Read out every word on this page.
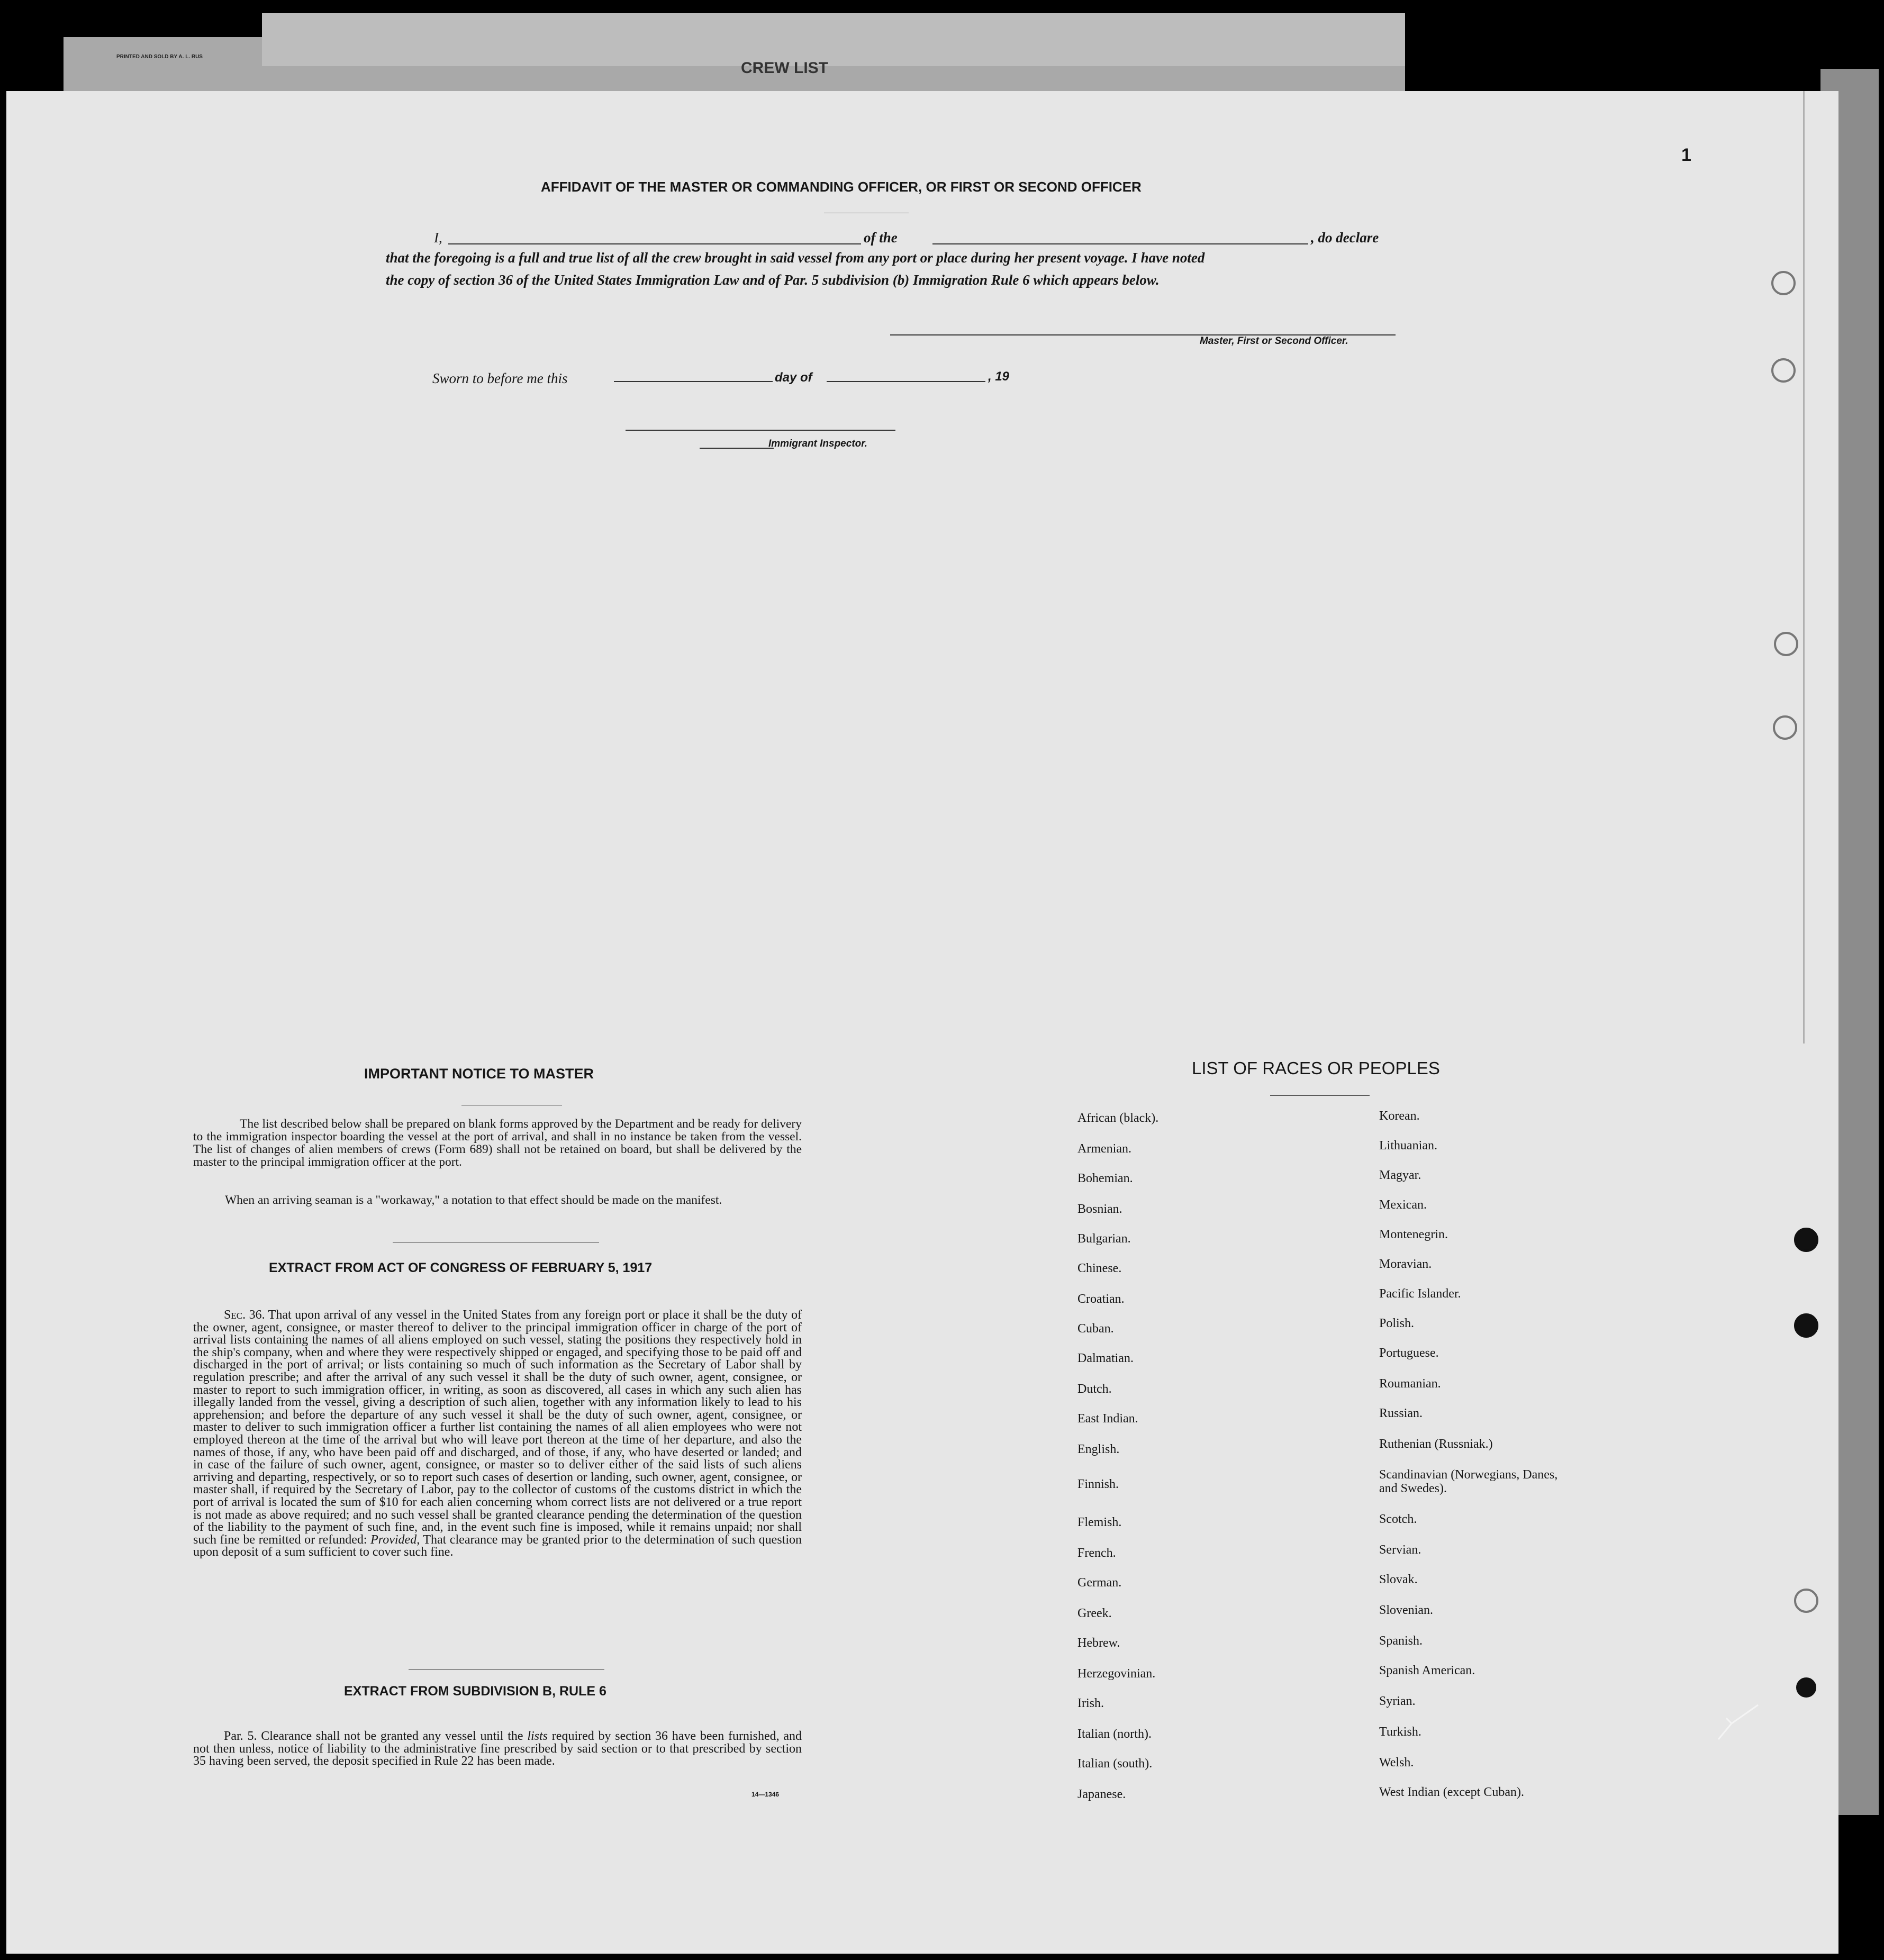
PRINTED AND SOLD BY A. L. RUS
CREW LIST
1
AFFIDAVIT OF THE MASTER OR COMMANDING OFFICER, OR FIRST OR SECOND OFFICER
I,	of the	, do declare
that the foregoing is a full and true list of all the crew brought in said vessel from any port or place during her present voyage. I have noted
the copy of section 36 of the United States Immigration Law and of Par. 5 subdivision (b) Immigration Rule 6 which appears below.
Master, First or Second Officer.
Sworn to before me this	day of	, 19
Immigrant Inspector.
IMPORTANT NOTICE TO MASTER
The list described below shall be prepared on blank forms approved by the Department and be ready for delivery to the immigration inspector boarding the vessel at the port of arrival, and shall in no instance be taken from the vessel. The list of changes of alien members of crews (Form 689) shall not be retained on board, but shall be delivered by the master to the principal immigration officer at the port.
When an arriving seaman is a "workaway," a notation to that effect should be made on the manifest.
EXTRACT FROM ACT OF CONGRESS OF FEBRUARY 5, 1917
Sec. 36. That upon arrival of any vessel in the United States from any foreign port or place it shall be the duty of the owner, agent, consignee, or master thereof to deliver to the principal immigration officer in charge of the port of arrival lists containing the names of all aliens employed on such vessel, stating the positions they respectively hold in the ship's company, when and where they were respectively shipped or engaged, and specifying those to be paid off and discharged in the port of arrival; or lists containing so much of such information as the Secretary of Labor shall by regulation prescribe; and after the arrival of any such vessel it shall be the duty of such owner, agent, consignee, or master to report to such immigration officer, in writing, as soon as discovered, all cases in which any such alien has illegally landed from the vessel, giving a description of such alien, together with any information likely to lead to his apprehension; and before the departure of any such vessel it shall be the duty of such owner, agent, consignee, or master to deliver to such immigration officer a further list containing the names of all alien employees who were not employed thereon at the time of the arrival but who will leave port thereon at the time of her departure, and also the names of those, if any, who have been paid off and discharged, and of those, if any, who have deserted or landed; and in case of the failure of such owner, agent, consignee, or master so to deliver either of the said lists of such aliens arriving and departing, respectively, or so to report such cases of desertion or landing, such owner, agent, consignee, or master shall, if required by the Secretary of Labor, pay to the collector of customs of the customs district in which the port of arrival is located the sum of $10 for each alien concerning whom correct lists are not delivered or a true report is not made as above required; and no such vessel shall be granted clearance pending the determination of the question of the liability to the payment of such fine, and, in the event such fine is imposed, while it remains unpaid; nor shall such fine be remitted or refunded: Provided, That clearance may be granted prior to the determination of such question upon deposit of a sum sufficient to cover such fine.
EXTRACT FROM SUBDIVISION B, RULE 6
Par. 5. Clearance shall not be granted any vessel until the lists required by section 36 have been furnished, and not then unless, notice of liability to the administrative fine prescribed by said section or to that prescribed by section 35 having been served, the deposit specified in Rule 22 has been made.
14—1346
LIST OF RACES OR PEOPLES
African (black).
Armenian.
Bohemian.
Bosnian.
Bulgarian.
Chinese.
Croatian.
Cuban.
Dalmatian.
Dutch.
East Indian.
English.
Finnish.
Flemish.
French.
German.
Greek.
Hebrew.
Herzegovinian.
Irish.
Italian (north).
Italian (south).
Japanese.
Korean.
Lithuanian.
Magyar.
Mexican.
Montenegrin.
Moravian.
Pacific Islander.
Polish.
Portuguese.
Roumanian.
Russian.
Ruthenian (Russniak.)
Scandinavian (Norwegians, Danes, and Swedes).
Scotch.
Servian.
Slovak.
Slovenian.
Spanish.
Spanish American.
Syrian.
Turkish.
Welsh.
West Indian (except Cuban).
